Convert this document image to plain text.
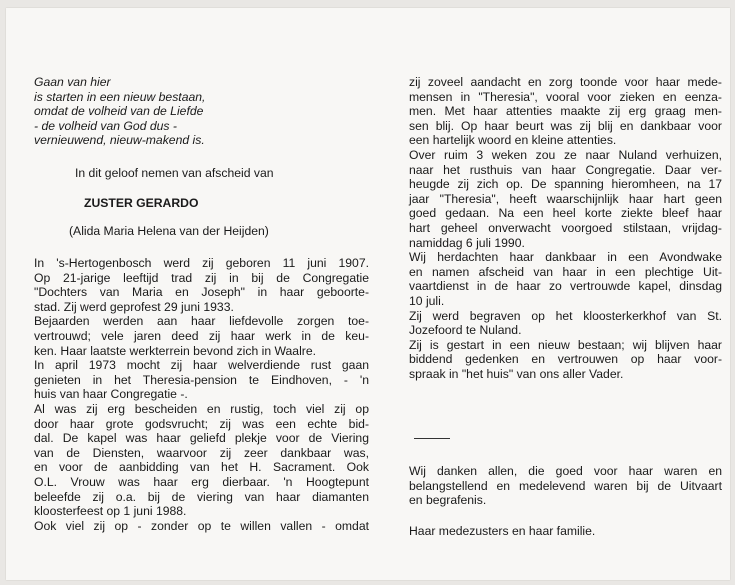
Gaan van hier
is starten in een nieuw bestaan,
omdat de volheid van de Liefde
- de volheid van God dus -
vernieuwend, nieuw-makend is.
In dit geloof nemen van afscheid van
ZUSTER GERARDO
(Alida Maria Helena van der Heijden)
In 's-Hertogenbosch werd zij geboren 11 juni 1907.
Op 21-jarige leeftijd trad zij in bij de Congregatie
"Dochters van Maria en Joseph" in haar geboorte-
stad. Zij werd geprofest 29 juni 1933.
Bejaarden werden aan haar liefdevolle zorgen toe-
vertrouwd; vele jaren deed zij haar werk in de keu-
ken. Haar laatste werkterrein bevond zich in Waalre.
In april 1973 mocht zij haar welverdiende rust gaan
genieten in het Theresia-pension te Eindhoven, - 'n
huis van haar Congregatie -.
Al was zij erg bescheiden en rustig, toch viel zij op
door haar grote godsvrucht; zij was een echte bid-
dal. De kapel was haar geliefd plekje voor de Viering
van de Diensten, waarvoor zij zeer dankbaar was,
en voor de aanbidding van het H. Sacrament. Ook
O.L. Vrouw was haar erg dierbaar. 'n Hoogtepunt
beleefde zij o.a. bij de viering van haar diamanten
kloosterfeest op 1 juni 1988.
Ook viel zij op - zonder op te willen vallen - omdat
zij zoveel aandacht en zorg toonde voor haar mede-
mensen in "Theresia", vooral voor zieken en eenza-
men. Met haar attenties maakte zij erg graag men-
sen blij. Op haar beurt was zij blij en dankbaar voor
een hartelijk woord en kleine attenties.
Over ruim 3 weken zou ze naar Nuland verhuizen,
naar het rusthuis van haar Congregatie. Daar ver-
heugde zij zich op. De spanning hieromheen, na 17
jaar "Theresia", heeft waarschijnlijk haar hart geen
goed gedaan. Na een heel korte ziekte bleef haar
hart geheel onverwacht voorgoed stilstaan, vrijdag-
namiddag 6 juli 1990.
Wij herdachten haar dankbaar in een Avondwake
en namen afscheid van haar in een plechtige Uit-
vaartdienst in de haar zo vertrouwde kapel, dinsdag
10 juli.
Zij werd begraven op het kloosterkerkhof van St.
Jozefoord te Nuland.
Zij is gestart in een nieuw bestaan; wij blijven haar
biddend gedenken en vertrouwen op haar voor-
spraak in "het huis" van ons aller Vader.
Wij danken allen, die goed voor haar waren en
belangstellend en medelevend waren bij de Uitvaart
en begrafenis.
Haar medezusters en haar familie.
